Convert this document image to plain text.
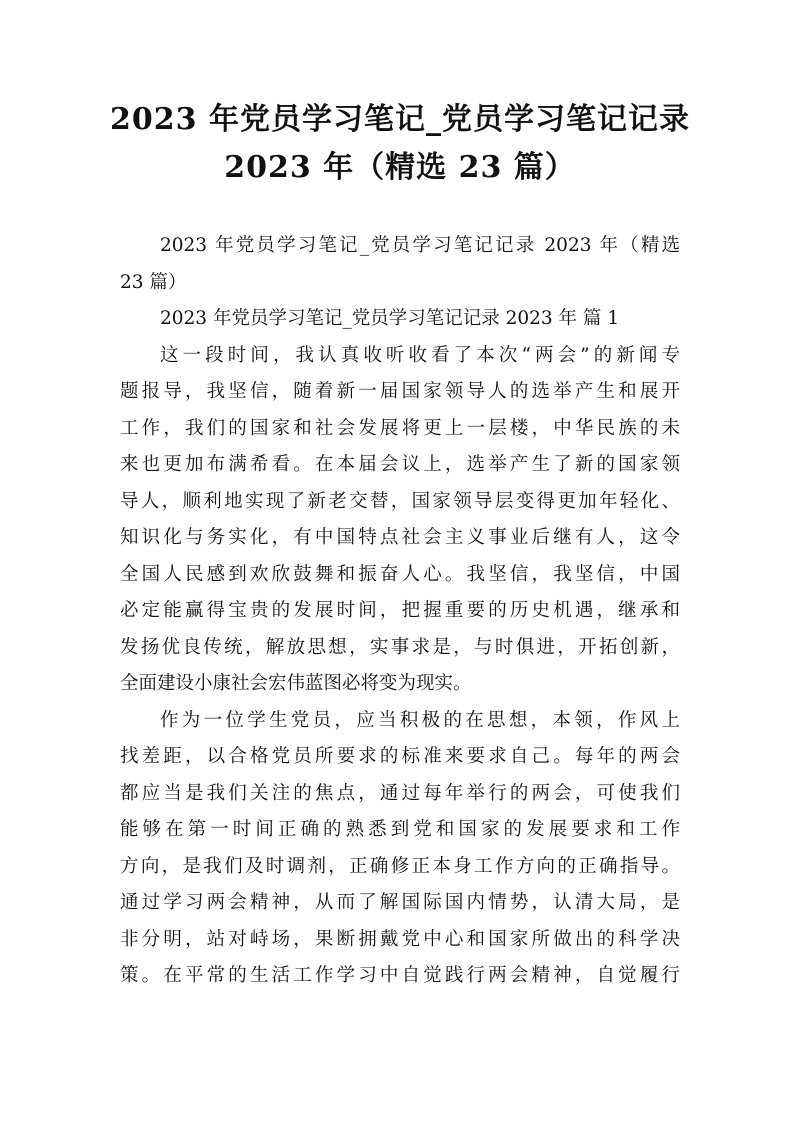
2023 年党员学习笔记_党员学习笔记记录
2023 年（精选 23 篇）
2023 年党员学习笔记_党员学习笔记记录 2023 年（精选
23 篇）
2023 年党员学习笔记_党员学习笔记记录 2023 年 篇 1
这一段时间，我认真收听收看了本次“两会”的新闻专
题报导，我坚信，随着新一届国家领导人的选举产生和展开
工作，我们的国家和社会发展将更上一层楼，中华民族的未
来也更加布满希看。在本届会议上，选举产生了新的国家领
导人，顺利地实现了新老交替，国家领导层变得更加年轻化、
知识化与务实化，有中国特点社会主义事业后继有人，这令
全国人民感到欢欣鼓舞和振奋人心。我坚信，我坚信，中国
必定能赢得宝贵的发展时间，把握重要的历史机遇，继承和
发扬优良传统，解放思想，实事求是，与时俱进，开拓创新，
全面建设小康社会宏伟蓝图必将变为现实。
作为一位学生党员，应当积极的在思想，本领，作风上
找差距，以合格党员所要求的标准来要求自己。每年的两会
都应当是我们关注的焦点，通过每年举行的两会，可使我们
能够在第一时间正确的熟悉到党和国家的发展要求和工作
方向，是我们及时调剂，正确修正本身工作方向的正确指导。
通过学习两会精神，从而了解国际国内情势，认清大局，是
非分明，站对峙场，果断拥戴党中心和国家所做出的科学决
策。在平常的生活工作学习中自觉践行两会精神，自觉履行
